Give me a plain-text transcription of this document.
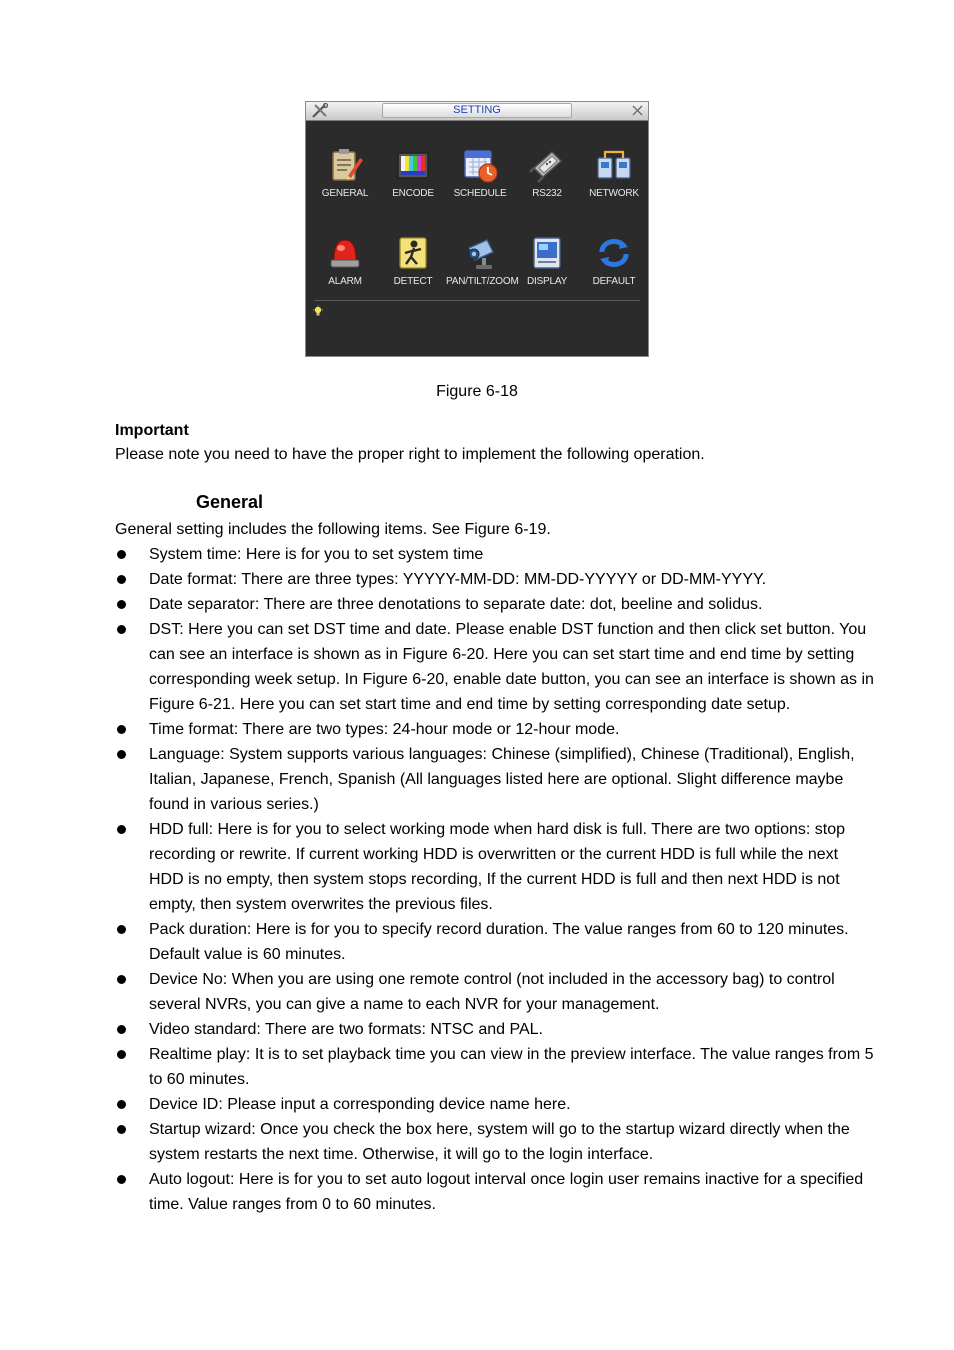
SETTING
GENERAL	ENCODE	SCHEDULE	RS232	NETWORK
ALARM	DETECT	PAN/TILT/ZOOM DISPLAY	DEFAULT
Figure 6-18
Important
Please note you need to have the proper right to implement the following operation.
General
General setting includes the following items. See Figure 6-19.
System time: Here is for you to set system time
Date format: There are three types: YYYYY-MM-DD: MM-DD-YYYYY or DD-MM-YYYY.
Date separator: There are three denotations to separate date: dot, beeline and solidus.
DST: Here you can set DST time and date. Please enable DST function and then click set button. You can see an interface is shown as in Figure 6-20. Here you can set start time and end time by setting corresponding week setup. In Figure 6-20, enable date button, you can see an interface is shown as in Figure 6-21. Here you can set start time and end time by setting corresponding date setup.
Time format: There are two types: 24-hour mode or 12-hour mode.
Language: System supports various languages: Chinese (simplified), Chinese (Traditional), English, Italian, Japanese, French, Spanish (All languages listed here are optional. Slight difference maybe found in various series.)
HDD full: Here is for you to select working mode when hard disk is full. There are two options: stop recording or rewrite. If current working HDD is overwritten or the current HDD is full while the next HDD is no empty, then system stops recording, If the current HDD is full and then next HDD is not empty, then system overwrites the previous files.
Pack duration: Here is for you to specify record duration. The value ranges from 60 to 120 minutes. Default value is 60 minutes.
Device No: When you are using one remote control (not included in the accessory bag) to control several NVRs, you can give a name to each NVR for your management.
Video standard: There are two formats: NTSC and PAL.
Realtime play: It is to set playback time you can view in the preview interface. The value ranges from 5 to 60 minutes.
Device ID: Please input a corresponding device name here.
Startup wizard: Once you check the box here, system will go to the startup wizard directly when the system restarts the next time. Otherwise, it will go to the login interface.
Auto logout: Here is for you to set auto logout interval once login user remains inactive for a specified time. Value ranges from 0 to 60 minutes.
